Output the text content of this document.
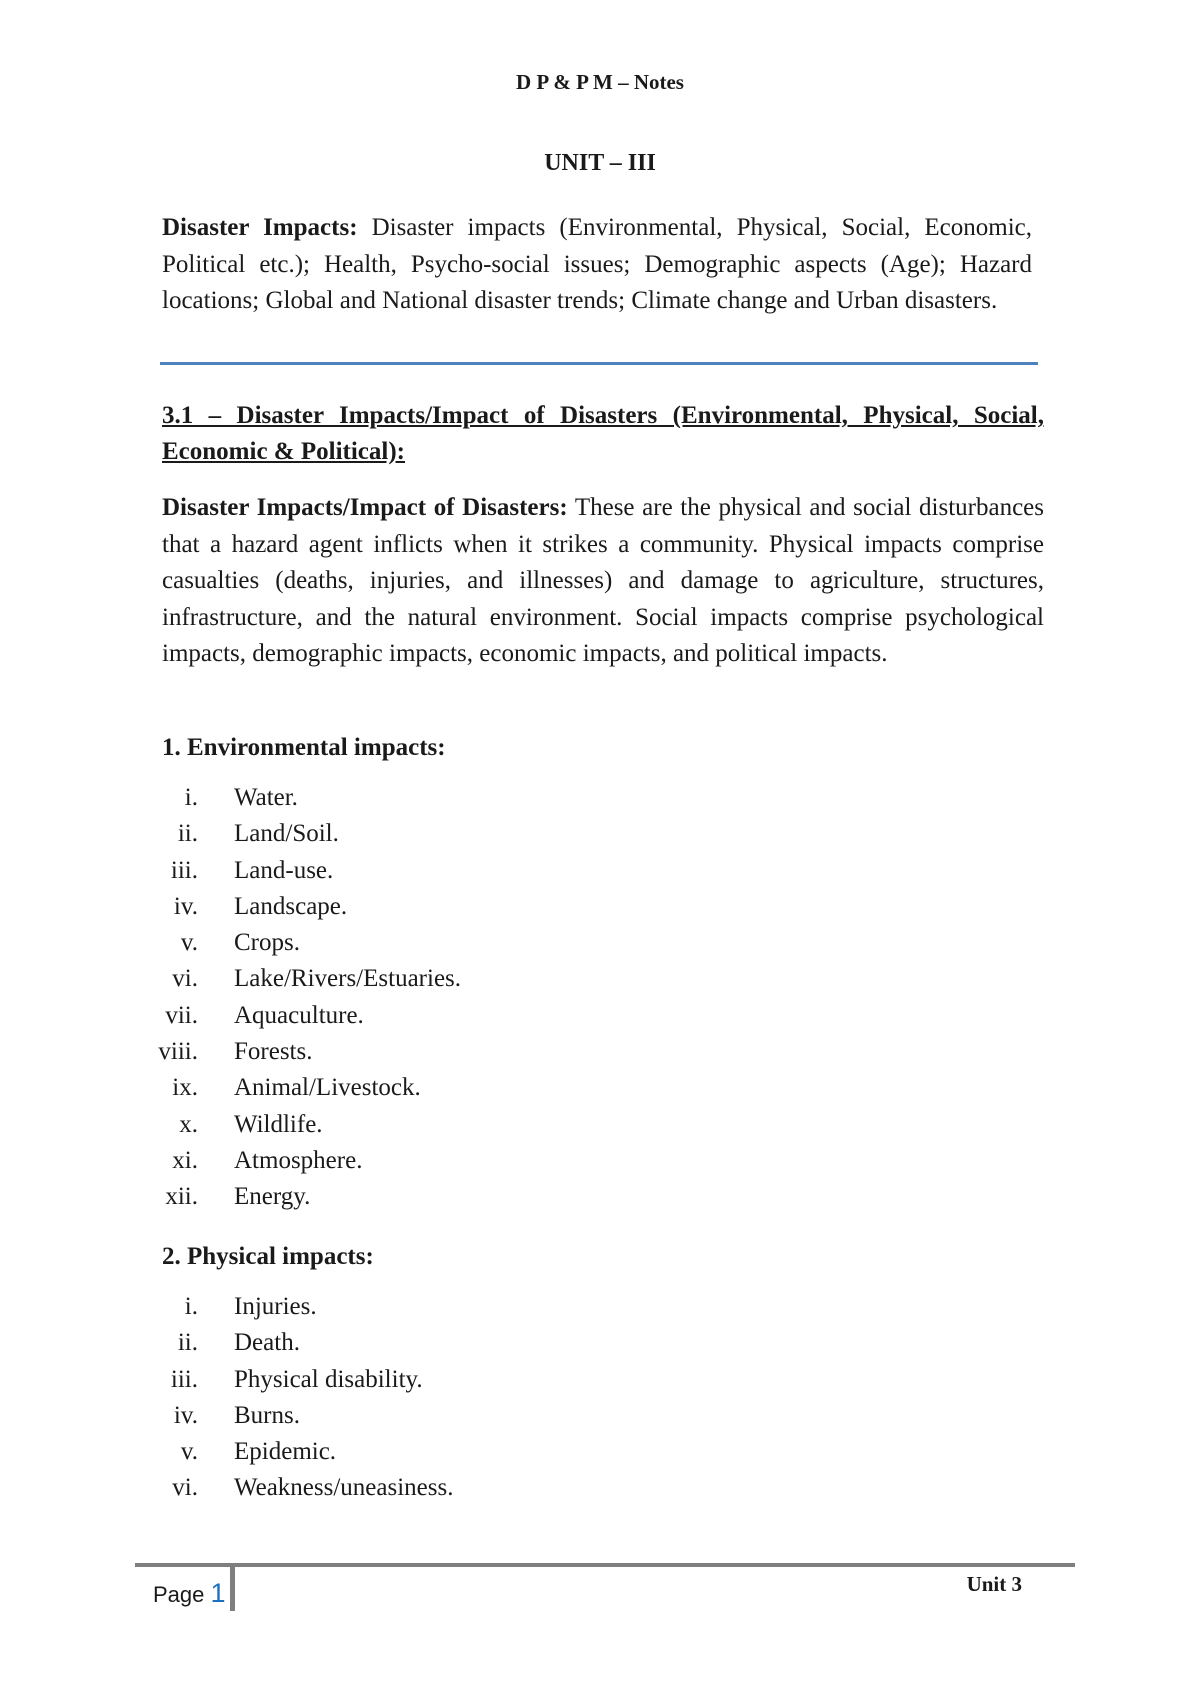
D P & P M – Notes
UNIT – III
Disaster Impacts: Disaster impacts (Environmental, Physical, Social, Economic, Political etc.); Health, Psycho-social issues; Demographic aspects (Age); Hazard locations; Global and National disaster trends; Climate change and Urban disasters.
3.1 – Disaster Impacts/Impact of Disasters (Environmental, Physical, Social, Economic & Political):
Disaster Impacts/Impact of Disasters: These are the physical and social disturbances that a hazard agent inflicts when it strikes a community. Physical impacts comprise casualties (deaths, injuries, and illnesses) and damage to agriculture, structures, infrastructure, and the natural environment. Social impacts comprise psychological impacts, demographic impacts, economic impacts, and political impacts.
1. Environmental impacts:
i. Water.
ii. Land/Soil.
iii. Land-use.
iv. Landscape.
v. Crops.
vi. Lake/Rivers/Estuaries.
vii. Aquaculture.
viii. Forests.
ix. Animal/Livestock.
x. Wildlife.
xi. Atmosphere.
xii. Energy.
2. Physical impacts:
i. Injuries.
ii. Death.
iii. Physical disability.
iv. Burns.
v. Epidemic.
vi. Weakness/uneasiness.
Page 1	Unit 3
